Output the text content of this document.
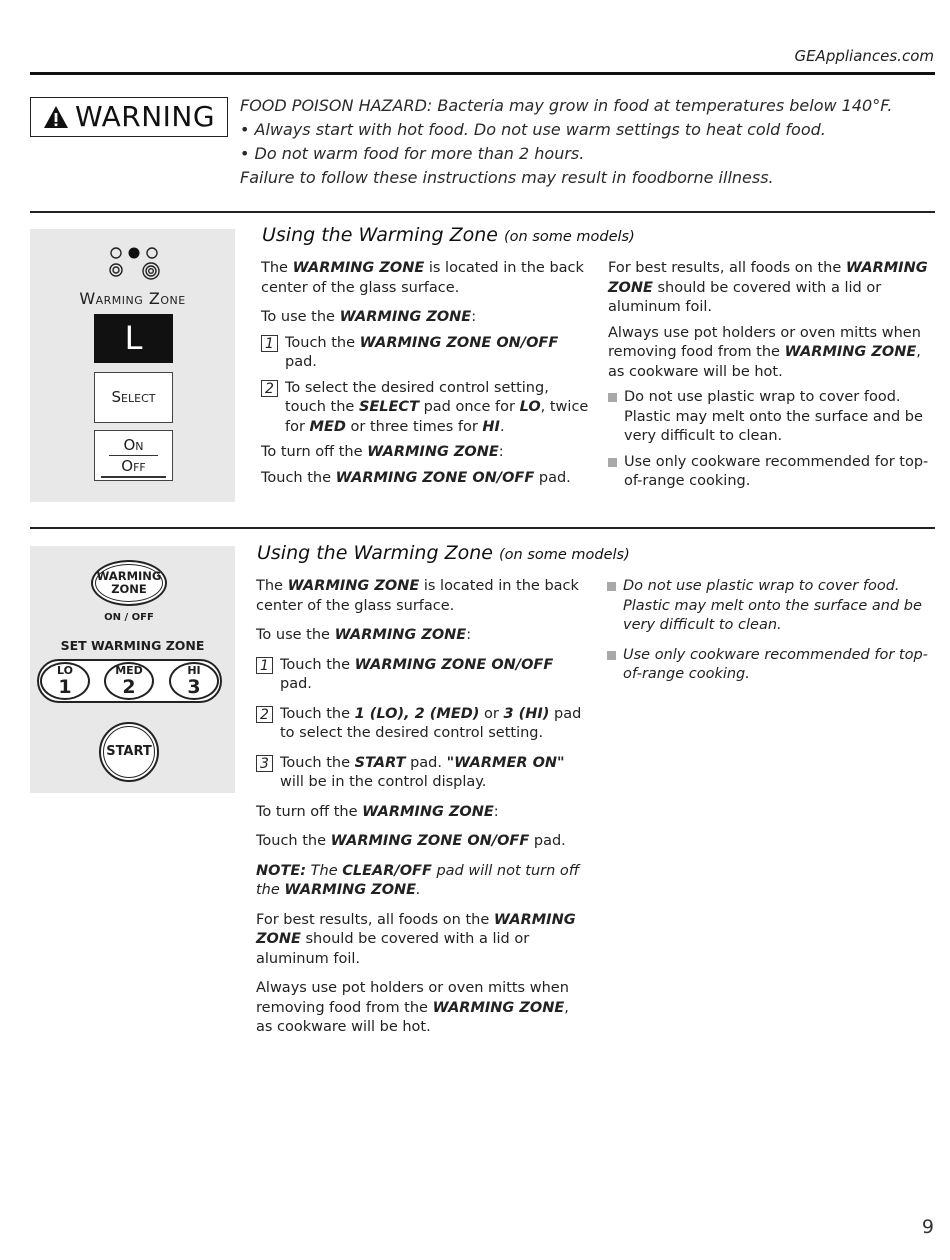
GEAppliances.com
WARNING FOOD POISON HAZARD: Bacteria may grow in food at temperatures below 140°F.
• Always start with hot food. Do not use warm settings to heat cold food.
• Do not warm food for more than 2 hours.
Failure to follow these instructions may result in foodborne illness.
Warming Zone
L
Select
On
Off
Using the Warming Zone (on some models)

The WARMING ZONE is located in the back center of the glass surface.

To use the WARMING ZONE:

1 Touch the WARMING ZONE ON/OFF pad.
2 To select the desired control setting, touch the SELECT pad once for LO, twice for MED or three times for HI.

To turn off the WARMING ZONE:

Touch the WARMING ZONE ON/OFF pad.

For best results, all foods on the WARMING ZONE should be covered with a lid or aluminum foil.

Always use pot holders or oven mitts when removing food from the WARMING ZONE, as cookware will be hot.

Do not use plastic wrap to cover food. Plastic may melt onto the surface and be very difficult to clean.
Use only cookware recommended for top-of-range cooking.
WARMING
ZONE
ON / OFF
SET WARMING ZONE
LO
1
MED
2
HI
3
START
Using the Warming Zone (on some models)

The WARMING ZONE is located in the back center of the glass surface.

To use the WARMING ZONE:

1 Touch the WARMING ZONE ON/OFF pad.
2 Touch the 1 (LO), 2 (MED) or 3 (HI) pad to select the desired control setting.
3 Touch the START pad. "WARMER ON" will be in the control display.

To turn off the WARMING ZONE:

Touch the WARMING ZONE ON/OFF pad.

NOTE: The CLEAR/OFF pad will not turn off the WARMING ZONE.

For best results, all foods on the WARMING ZONE should be covered with a lid or aluminum foil.

Always use pot holders or oven mitts when removing food from the WARMING ZONE, as cookware will be hot.

Do not use plastic wrap to cover food. Plastic may melt onto the surface and be very difficult to clean.
Use only cookware recommended for top-of-range cooking.
9
